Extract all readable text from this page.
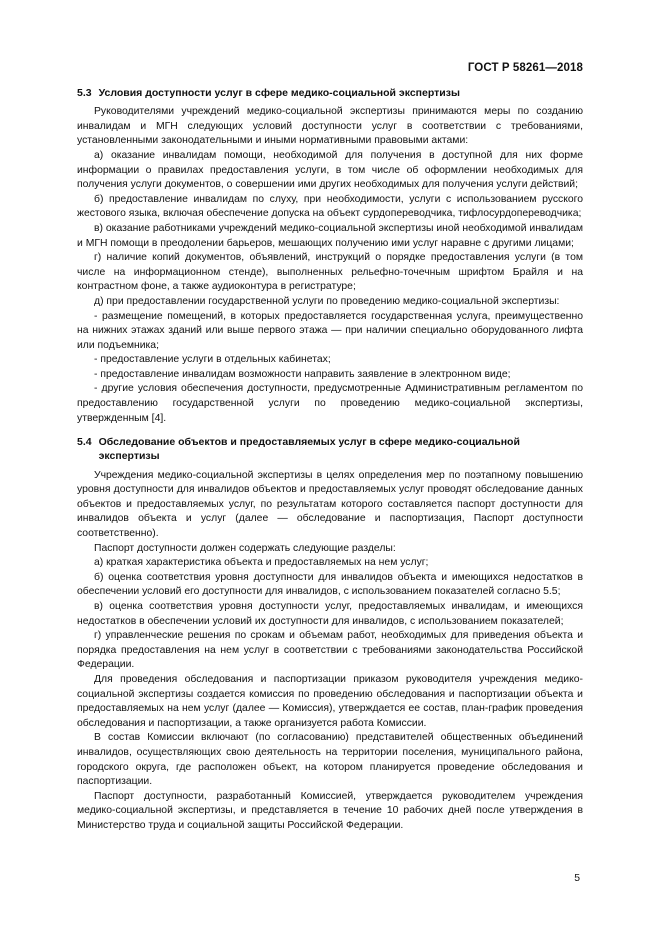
ГОСТ Р 58261—2018
5.3 Условия доступности услуг в сфере медико-социальной экспертизы

Руководителями учреждений медико-социальной экспертизы принимаются меры по созданию инвалидам и МГН следующих условий доступности услуг в соответствии с требованиями, установленными законодательными и иными нормативными правовыми актами:

а) оказание инвалидам помощи, необходимой для получения в доступной для них форме информации о правилах предоставления услуги, в том числе об оформлении необходимых для получения услуги документов, о совершении ими других необходимых для получения услуги действий;

б) предоставление инвалидам по слуху, при необходимости, услуги с использованием русского жестового языка, включая обеспечение допуска на объект сурдопереводчика, тифлосурдопереводчика;

в) оказание работниками учреждений медико-социальной экспертизы иной необходимой инвалидам и МГН помощи в преодолении барьеров, мешающих получению ими услуг наравне с другими лицами;

г) наличие копий документов, объявлений, инструкций о порядке предоставления услуги (в том числе на информационном стенде), выполненных рельефно-точечным шрифтом Брайля и на контрастном фоне, а также аудиоконтура в регистратуре;

д) при предоставлении государственной услуги по проведению медико-социальной экспертизы:

- размещение помещений, в которых предоставляется государственная услуга, преимущественно на нижних этажах зданий или выше первого этажа — при наличии специально оборудованного лифта или подъемника;

- предоставление услуги в отдельных кабинетах;

- предоставление инвалидам возможности направить заявление в электронном виде;

- другие условия обеспечения доступности, предусмотренные Административным регламентом по предоставлению государственной услуги по проведению медико-социальной экспертизы, утвержденным [4].

5.4 Обследование объектов и предоставляемых услуг в сфере медико-социальной экспертизы

Учреждения медико-социальной экспертизы в целях определения мер по поэтапному повышению уровня доступности для инвалидов объектов и предоставляемых услуг проводят обследование данных объектов и предоставляемых услуг, по результатам которого составляется паспорт доступности для инвалидов объекта и услуг (далее — обследование и паспортизация, Паспорт доступности соответственно).

Паспорт доступности должен содержать следующие разделы:

а) краткая характеристика объекта и предоставляемых на нем услуг;

б) оценка соответствия уровня доступности для инвалидов объекта и имеющихся недостатков в обеспечении условий его доступности для инвалидов, с использованием показателей согласно 5.5;

в) оценка соответствия уровня доступности услуг, предоставляемых инвалидам, и имеющихся недостатков в обеспечении условий их доступности для инвалидов, с использованием показателей;

г) управленческие решения по срокам и объемам работ, необходимых для приведения объекта и порядка предоставления на нем услуг в соответствии с требованиями законодательства Российской Федерации.

Для проведения обследования и паспортизации приказом руководителя учреждения медико-социальной экспертизы создается комиссия по проведению обследования и паспортизации объекта и предоставляемых на нем услуг (далее — Комиссия), утверждается ее состав, план-график проведения обследования и паспортизации, а также организуется работа Комиссии.

В состав Комиссии включают (по согласованию) представителей общественных объединений инвалидов, осуществляющих свою деятельность на территории поселения, муниципального района, городского округа, где расположен объект, на котором планируется проведение обследования и паспортизации.

Паспорт доступности, разработанный Комиссией, утверждается руководителем учреждения медико-социальной экспертизы, и представляется в течение 10 рабочих дней после утверждения в Министерство труда и социальной защиты Российской Федерации.

5
